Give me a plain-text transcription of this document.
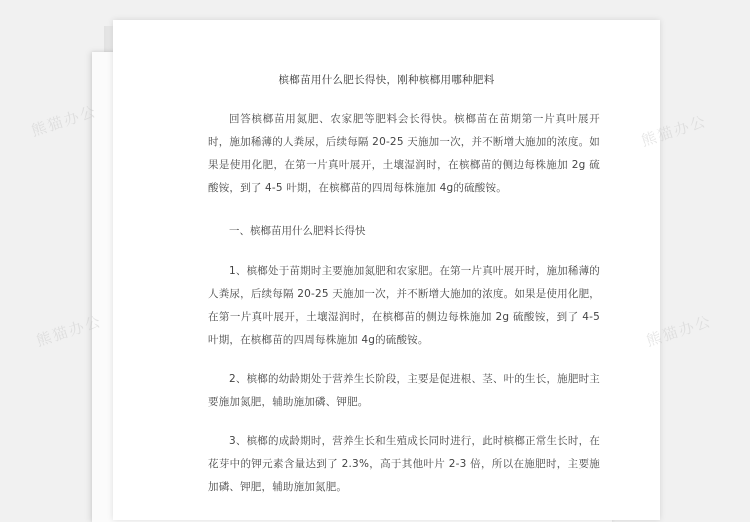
槟榔苗用什么肥长得快，刚种槟榔用哪种肥料
回答槟榔苗用氮肥、农家肥等肥料会长得快。槟榔苗在苗期第一片真叶展开时，施加稀薄的人粪尿，后续每隔 20-25 天施加一次，并不断增大施加的浓度。如果是使用化肥，在第一片真叶展开，土壤湿润时，在槟榔苗的侧边每株施加 2g 硫酸铵，到了 4-5 叶期，在槟榔苗的四周每株施加 4g的硫酸铵。
一、槟榔苗用什么肥料长得快
1、槟榔处于苗期时主要施加氮肥和农家肥。在第一片真叶展开时，施加稀薄的人粪尿，后续每隔 20-25 天施加一次，并不断增大施加的浓度。如果是使用化肥，在第一片真叶展开，土壤湿润时，在槟榔苗的侧边每株施加 2g 硫酸铵，到了 4-5 叶期，在槟榔苗的四周每株施加 4g的硫酸铵。
2、槟榔的幼龄期处于营养生长阶段，主要是促进根、茎、叶的生长，施肥时主要施加氮肥，辅助施加磷、钾肥。
3、槟榔的成龄期时，营养生长和生殖成长同时进行，此时槟榔正常生长时，在花芽中的钾元素含量达到了 2.3%，高于其他叶片 2-3 倍，所以在施肥时，主要施加磷、钾肥，辅助施加氮肥。
熊猫办公	熊猫办公
熊猫办公	熊猫办公
